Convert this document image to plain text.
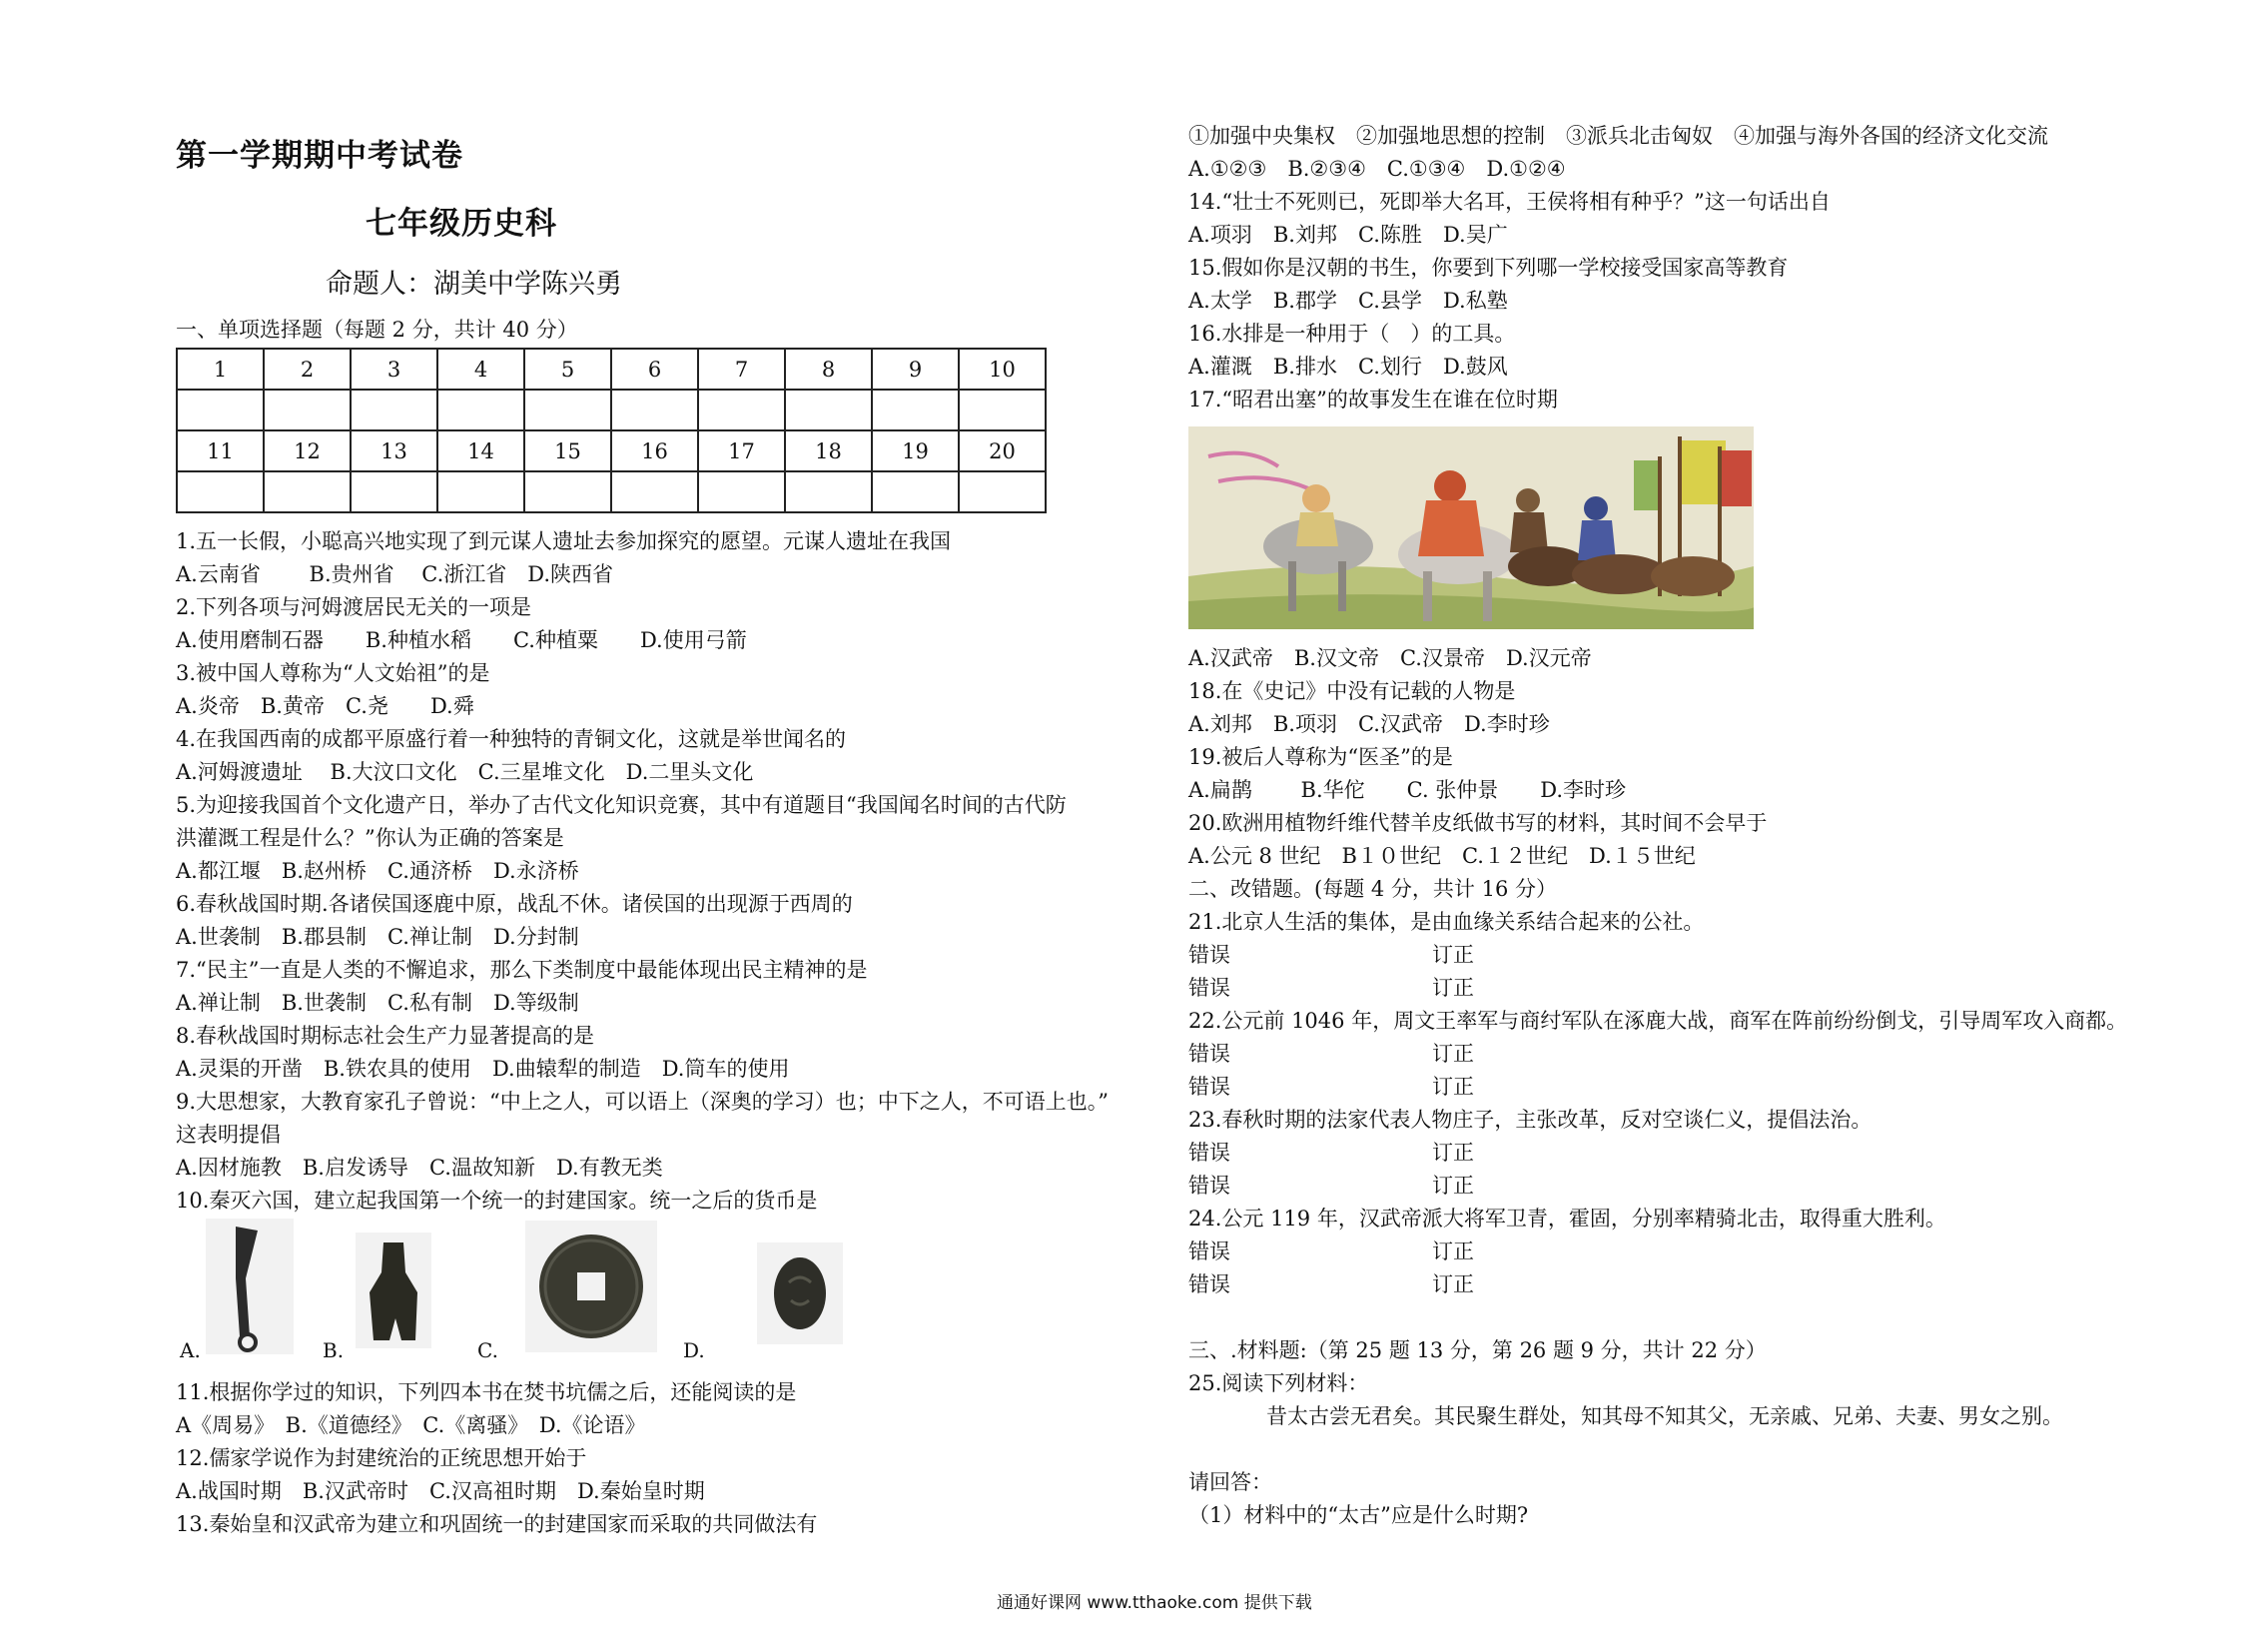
第一学期期中考试卷
七年级历史科
命题人：湖美中学陈兴勇
一、单项选择题（每题 2 分，共计 40 分）
1	2	3	4	5	6	7	8	9	10

11	12	13	14	15	16	17	18	19	20

1.五一长假，小聪高兴地实现了到元谋人遗址去参加探究的愿望。元谋人遗址在我国
A.云南省　　 B.贵州省　 C.浙江省　D.陕西省
2.下列各项与河姆渡居民无关的一项是
A.使用磨制石器　　B.种植水稻　　C.种植粟　　D.使用弓箭
3.被中国人尊称为“人文始祖”的是
A.炎帝　B.黄帝　C.尧　　D.舜
4.在我国西南的成都平原盛行着一种独特的青铜文化，这就是举世闻名的
A.河姆渡遗址　 B.大汶口文化　C.三星堆文化　D.二里头文化
5.为迎接我国首个文化遗产日，举办了古代文化知识竞赛，其中有道题目“我国闻名时间的古代防
洪灌溉工程是什么？”你认为正确的答案是
A.都江堰　B.赵州桥　C.通济桥　D.永济桥
6.春秋战国时期.各诸侯国逐鹿中原，战乱不休。诸侯国的出现源于西周的
A.世袭制　B.郡县制　C.禅让制　D.分封制
7.“民主”一直是人类的不懈追求，那么下类制度中最能体现出民主精神的是
A.禅让制　B.世袭制　C.私有制　D.等级制
8.春秋战国时期标志社会生产力显著提高的是
A.灵渠的开凿　B.铁农具的使用　D.曲辕犁的制造　D.筒车的使用
9.大思想家，大教育家孔子曾说：“中上之人，可以语上（深奥的学习）也；中下之人，不可语上也。”
这表明提倡
A.因材施教　B.启发诱导　C.温故知新　D.有教无类
10.秦灭六国，建立起我国第一个统一的封建国家。统一之后的货币是
A.	B.	C.	D.
11.根据你学过的知识，下列四本书在焚书坑儒之后，还能阅读的是
A《周易》　B.《道德经》　C.《离骚》　D.《论语》
12.儒家学说作为封建统治的正统思想开始于
A.战国时期　B.汉武帝时　C.汉高祖时期　D.秦始皇时期
13.秦始皇和汉武帝为建立和巩固统一的封建国家而采取的共同做法有
①加强中央集权　②加强地思想的控制　③派兵北击匈奴　④加强与海外各国的经济文化交流
A.①②③　B.②③④　C.①③④　D.①②④
14.“壮士不死则已，死即举大名耳，王侯将相有种乎？”这一句话出自
A.项羽　B.刘邦　C.陈胜　D.吴广
15.假如你是汉朝的书生，你要到下列哪一学校接受国家高等教育
A.太学　B.郡学　C.县学　D.私塾
16.水排是一种用于（　）的工具。
A.灌溉　B.排水　C.划行　D.鼓风
17.“昭君出塞”的故事发生在谁在位时期
A.汉武帝　B.汉文帝　C.汉景帝　D.汉元帝
18.在《史记》中没有记载的人物是
A.刘邦　B.项羽　C.汉武帝　D.李时珍
19.被后人尊称为“医圣”的是
A.扁鹊　　 B.华佗　　C. 张仲景　　D.李时珍
20.欧洲用植物纤维代替羊皮纸做书写的材料，其时间不会早于
A.公元 8 世纪　B１０世纪　C.１２世纪　D.１５世纪
二、改错题。(每题 4 分，共计 16 分）
21.北京人生活的集体，是由血缘关系结合起来的公社。
错误	订正
错误	订正
22.公元前 1046 年，周文王率军与商纣军队在涿鹿大战，商军在阵前纷纷倒戈，引导周军攻入商都。
错误	订正
错误	订正
23.春秋时期的法家代表人物庄子，主张改革，反对空谈仁义，提倡法治。
错误	订正
错误	订正
24.公元 119 年，汉武帝派大将军卫青，霍固，分别率精骑北击，取得重大胜利。
错误	订正
错误	订正
三、.材料题:（第 25 题 13 分，第 26 题 9 分，共计 22 分）
25.阅读下列材料：
昔太古尝无君矣。其民聚生群处，知其母不知其父，无亲戚、兄弟、夫妻、男女之别。
请回答：
（1）材料中的“太古”应是什么时期?
通通好课网 www.tthaoke.com 提供下载
